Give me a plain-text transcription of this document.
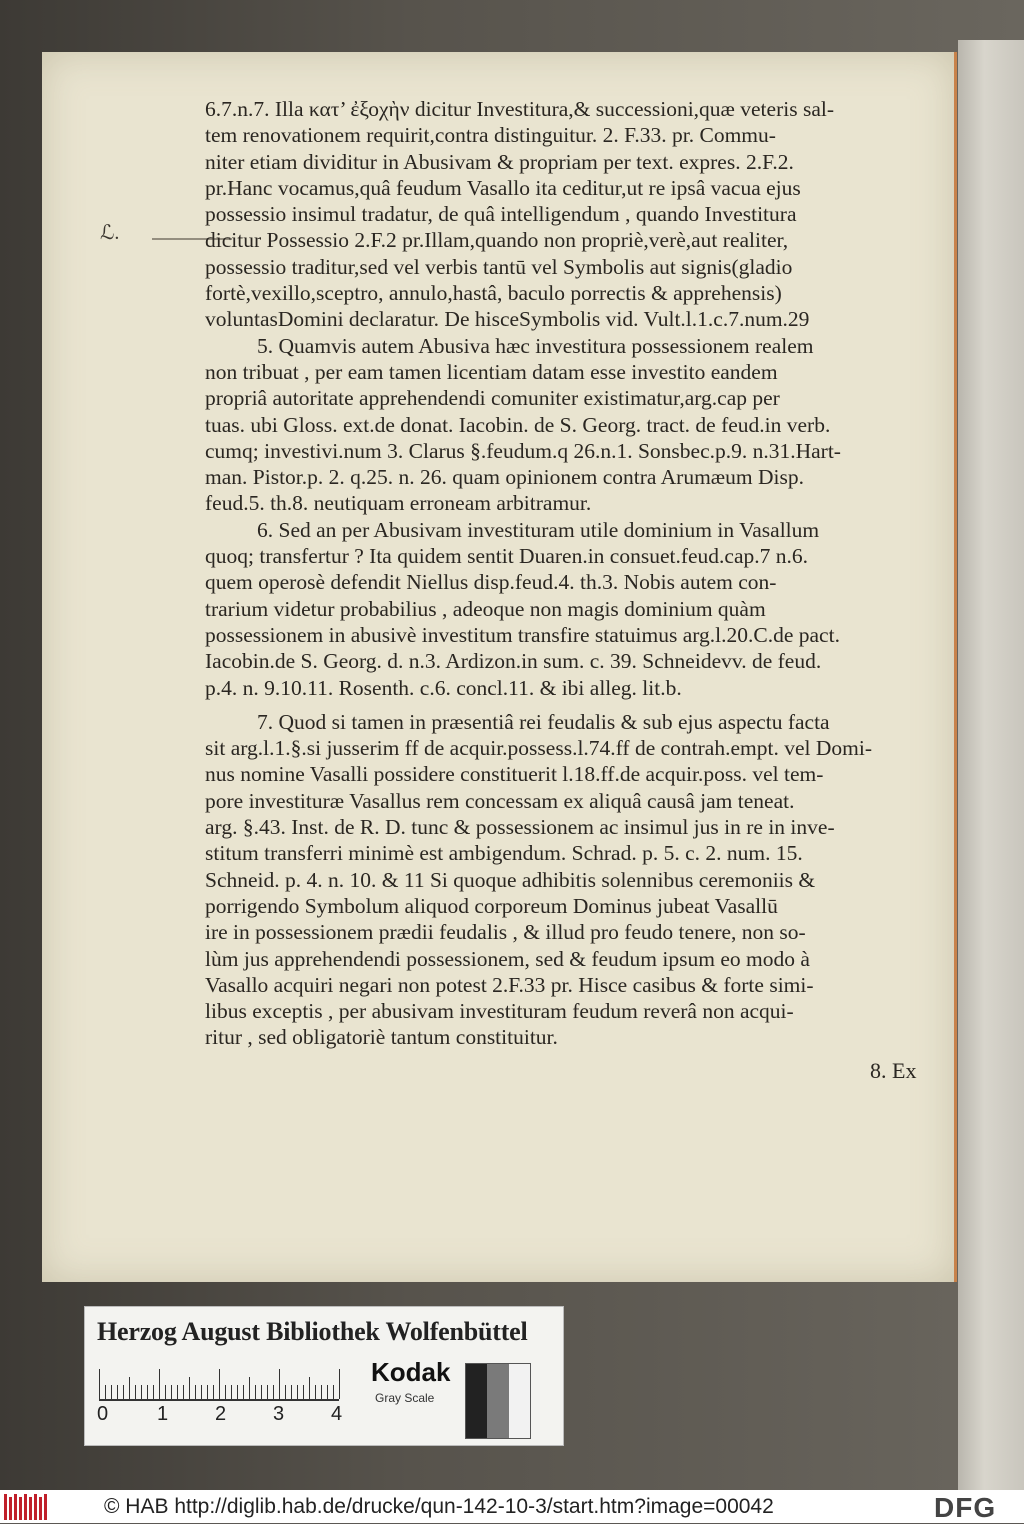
ℒ.
6.7.n.7. Illa κατ’ ἐξοχὴν dicitur Investitura,& successioni,quæ veteris sal-
tem renovationem requirit,contra distinguitur. 2. F.33. pr. Commu-
niter etiam dividitur in Abusivam & propriam per text. expres. 2.F.2.
pr.Hanc vocamus,quâ feudum Vasallo ita ceditur,ut re ipsâ vacua ejus
possessio insimul tradatur, de quâ intelligendum , quando Investitura
dicitur Possessio 2.F.2 pr.Illam,quando non propriè,verè,aut realiter,
possessio traditur,sed vel verbis tantū vel Symbolis aut signis(gladio
fortè,vexillo,sceptro, annulo,hastâ, baculo porrectis & apprehensis)
voluntasDomini declaratur. De hisceSymbolis vid. Vult.l.1.c.7.num.29
5. Quamvis autem Abusiva hæc investitura possessionem realem
non tribuat , per eam tamen licentiam datam esse investito eandem
propriâ autoritate apprehendendi comuniter existimatur,arg.cap per
tuas. ubi Gloss. ext.de donat. Iacobin. de S. Georg. tract. de feud.in verb.
cumq; investivi.num 3. Clarus §.feudum.q 26.n.1. Sonsbec.p.9. n.31.Hart-
man. Pistor.p. 2. q.25. n. 26. quam opinionem contra Arumæum Disp.
feud.5. th.8. neutiquam erroneam arbitramur.
6. Sed an per Abusivam investituram utile dominium in Vasallum
quoq; transfertur ? Ita quidem sentit Duaren.in consuet.feud.cap.7 n.6.
quem operosè defendit Niellus disp.feud.4. th.3. Nobis autem con-
trarium videtur probabilius , adeoque non magis dominium quàm
possessionem in abusivè investitum transfire statuimus arg.l.20.C.de pact.
Iacobin.de S. Georg. d. n.3. Ardizon.in sum. c. 39. Schneidevv. de feud.
p.4. n. 9.10.11. Rosenth. c.6. concl.11. & ibi alleg. lit.b.
7. Quod si tamen in præsentiâ rei feudalis & sub ejus aspectu facta
sit arg.l.1.§.si jusserim ff de acquir.possess.l.74.ff de contrah.empt. vel Domi-
nus nomine Vasalli possidere constituerit l.18.ff.de acquir.poss. vel tem-
pore investituræ Vasallus rem concessam ex aliquâ causâ jam teneat.
arg. §.43. Inst. de R. D. tunc & possessionem ac insimul jus in re in inve-
stitum transferri minimè est ambigendum. Schrad. p. 5. c. 2. num. 15.
Schneid. p. 4. n. 10. & 11 Si quoque adhibitis solennibus ceremoniis &
porrigendo Symbolum aliquod corporeum Dominus jubeat Vasallū
ire in possessionem prædii feudalis , & illud pro feudo tenere, non so-
lùm jus apprehendendi possessionem, sed & feudum ipsum eo modo à
Vasallo acquiri negari non potest 2.F.33 pr. Hisce casibus & forte simi-
libus exceptis , per abusivam investituram feudum reverâ non acqui-
ritur , sed obligatoriè tantum constituitur.
8. Ex
Herzog August Bibliothek Wolfenbüttel
0 1 2 3 4
Kodak
Gray Scale
© HAB http://diglib.hab.de/drucke/qun-142-10-3/start.htm?image=00042	DFG
